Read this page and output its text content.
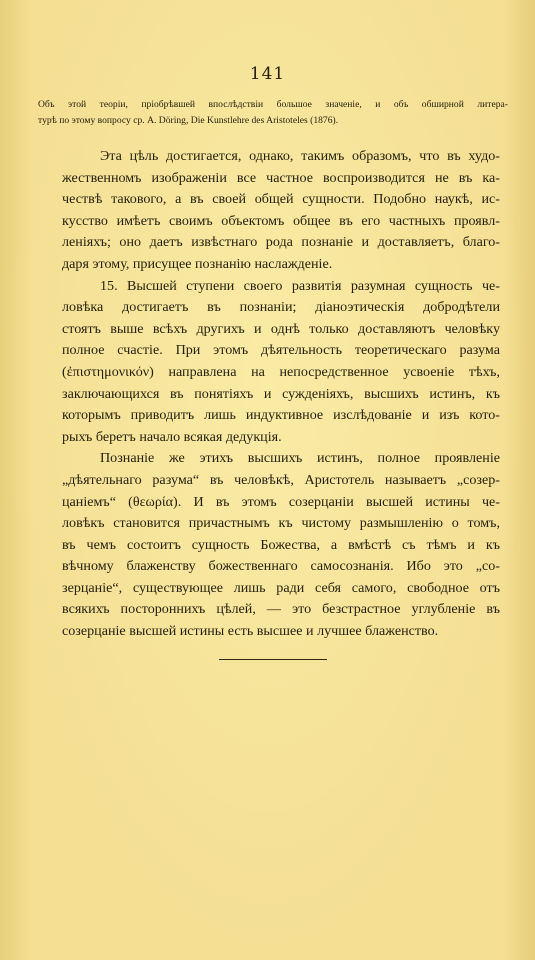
141
Объ этой теоріи, пріобрѣвшей впослѣдствіи большое значеніе, и объ обширной литера-
турѣ по этому вопросу ср. A. Döring, Die Kunstlehre des Aristoteles (1876).
Эта цѣль достигается, однако, такимъ образомъ, что въ худо-
жественномъ изображеніи все частное воспроизводится не въ ка-
чествѣ такового, а въ своей общей сущности. Подобно наукѣ, ис-
кусство имѣетъ своимъ объектомъ общее въ его частныхъ проявл-
леніяхъ; оно даетъ извѣстнаго рода познаніе и доставляетъ, благо-
даря этому, присущее познанію наслажденіе.
15. Высшей ступени своего развитія разумная сущность че-
ловѣка достигаетъ въ познаніи; діаноэтическія добродѣтели
стоятъ выше всѣхъ другихъ и однѣ только доставляютъ человѣку
полное счастіе. При этомъ дѣятельность теоретическаго разума
(ἐπιστημονικόν) направлена на непосредственное усвоеніе тѣхъ,
заключающихся въ понятіяхъ и сужденіяхъ, высшихъ истинъ, къ
которымъ приводитъ лишь индуктивное изслѣдованіе и изъ кото-
рыхъ беретъ начало всякая дедукція.
Познаніе же этихъ высшихъ истинъ, полное проявленіе
„дѣятельнаго разума“ въ человѣкѣ, Аристотель называетъ „созер-
цаніемъ“ (θεωρία). И въ этомъ созерцаніи высшей истины че-
ловѣкъ становится причастнымъ къ чистому размышленію о томъ,
въ чемъ состоитъ сущность Божества, а вмѣстѣ съ тѣмъ и къ
вѣчному блаженству божественнаго самосознанія. Ибо это „со-
зерцаніе“, существующее лишь ради себя самого, свободное отъ
всякихъ постороннихъ цѣлей, — это безстрастное углубленіе въ
созерцаніе высшей истины есть высшее и лучшее блаженство.
